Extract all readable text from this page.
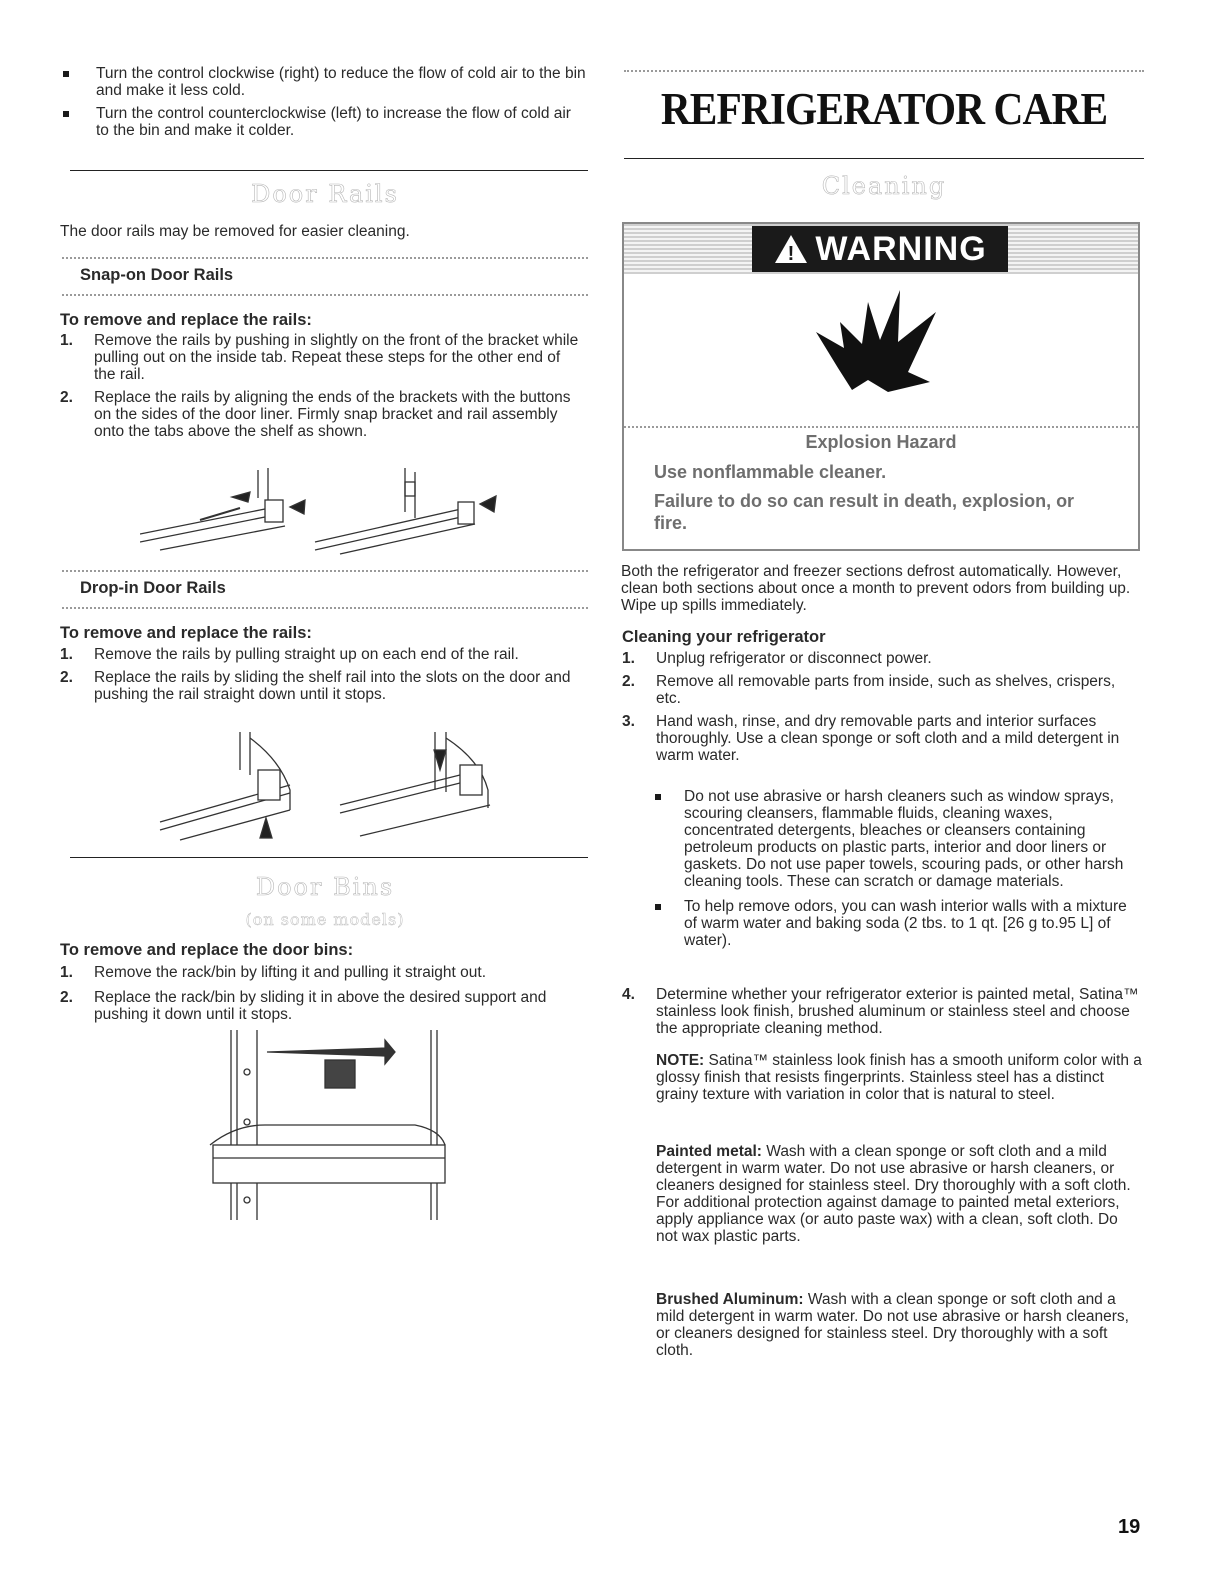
Turn the control clockwise (right) to reduce the flow of cold air to the bin and make it less cold.
Turn the control counterclockwise (left) to increase the flow of cold air to the bin and make it colder.
Door Rails

The door rails may be removed for easier cleaning.

Snap-on Door Rails
To remove and replace the rails:
1. Remove the rails by pushing in slightly on the front of the bracket while pulling out on the inside tab. Repeat these steps for the other end of the rail.
2. Replace the rails by aligning the ends of the brackets with the buttons on the sides of the door liner. Firmly snap bracket and rail assembly onto the tabs above the shelf as shown.
Drop-in Door Rails
To remove and replace the rails:
1. Remove the rails by pulling straight up on each end of the rail.
2. Replace the rails by sliding the shelf rail into the slots on the door and pushing the rail straight down until it stops.
Door Bins
(on some models)
To remove and replace the door bins:
1. Remove the rack/bin by lifting it and pulling it straight out.
2. Replace the rack/bin by sliding it in above the desired support and pushing it down until it stops.
REFRIGERATOR CARE
Cleaning
! WARNING
Explosion Hazard
Use nonflammable cleaner.
Failure to do so can result in death, explosion, or fire.

Both the refrigerator and freezer sections defrost automatically. However, clean both sections about once a month to prevent odors from building up. Wipe up spills immediately.

Cleaning your refrigerator
1. Unplug refrigerator or disconnect power.
2. Remove all removable parts from inside, such as shelves, crispers, etc.
3. Hand wash, rinse, and dry removable parts and interior surfaces thoroughly. Use a clean sponge or soft cloth and a mild detergent in warm water.
Do not use abrasive or harsh cleaners such as window sprays, scouring cleansers, flammable fluids, cleaning waxes, concentrated detergents, bleaches or cleansers containing petroleum products on plastic parts, interior and door liners or gaskets. Do not use paper towels, scouring pads, or other harsh cleaning tools. These can scratch or damage materials.
To help remove odors, you can wash interior walls with a mixture of warm water and baking soda (2 tbs. to 1 qt. [26 g to.95 L] of water).
4. Determine whether your refrigerator exterior is painted metal, Satina™ stainless look finish, brushed aluminum or stainless steel and choose the appropriate cleaning method.

NOTE: Satina™ stainless look finish has a smooth uniform color with a glossy finish that resists fingerprints. Stainless steel has a distinct grainy texture with variation in color that is natural to steel.

Painted metal: Wash with a clean sponge or soft cloth and a mild detergent in warm water. Do not use abrasive or harsh cleaners, or cleaners designed for stainless steel. Dry thoroughly with a soft cloth. For additional protection against damage to painted metal exteriors, apply appliance wax (or auto paste wax) with a clean, soft cloth. Do not wax plastic parts.

Brushed Aluminum: Wash with a clean sponge or soft cloth and a mild detergent in warm water. Do not use abrasive or harsh cleaners, or cleaners designed for stainless steel. Dry thoroughly with a soft cloth.

19
